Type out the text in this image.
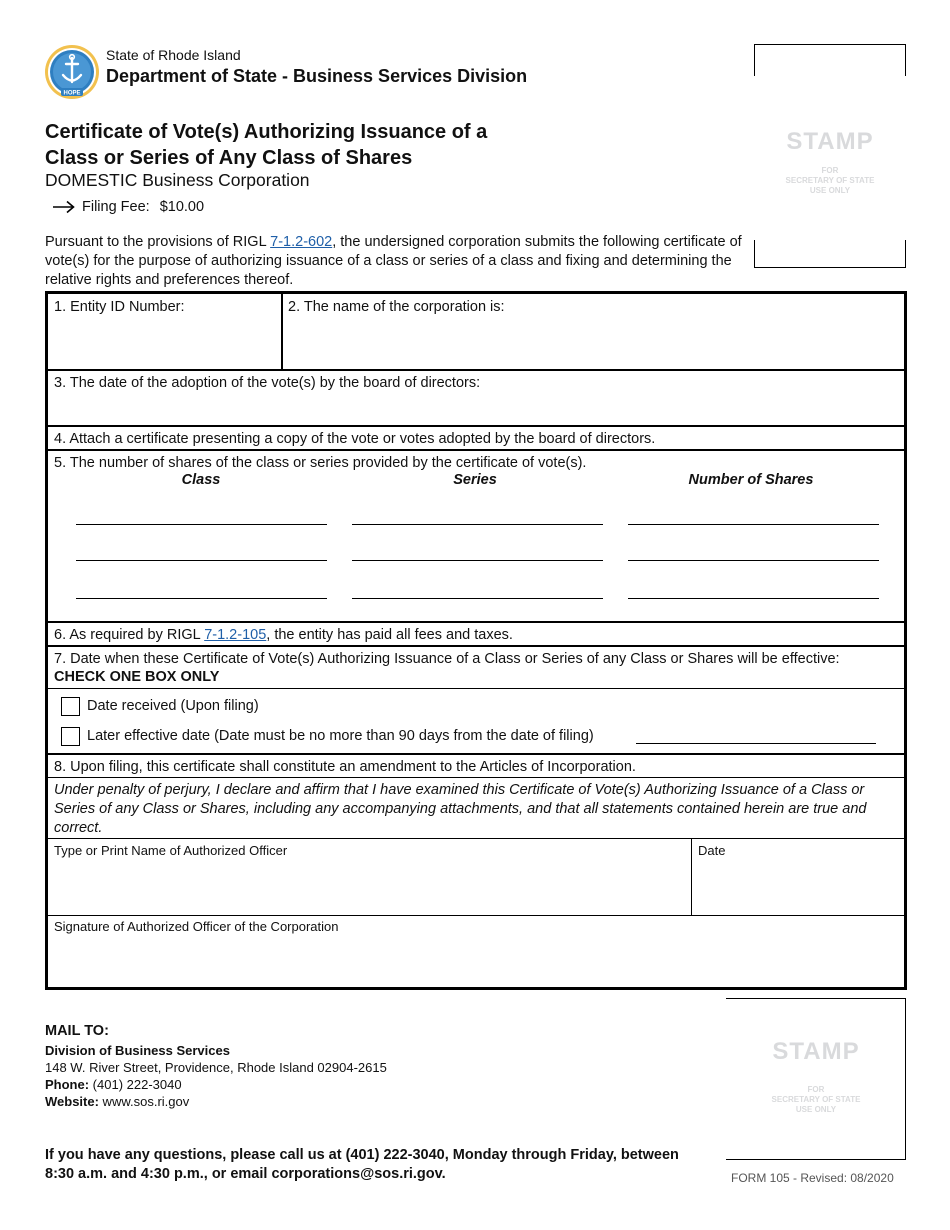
HOPE
State of Rhode Island
Department of State - Business Services Division
Certificate of Vote(s) Authorizing Issuance of a
Class or Series of Any Class of Shares
DOMESTIC Business Corporation
Filing Fee: $10.00
Pursuant to the provisions of RIGL 7-1.2-602, the undersigned corporation submits the following certificate of vote(s) for the purpose of authorizing issuance of a class or series of a class and fixing and determining the relative rights and preferences thereof.
STAMP
FOR
SECRETARY OF STATE
USE ONLY
1. Entity ID Number:	2. The name of the corporation is:
3. The date of the adoption of the vote(s) by the board of directors:
4. Attach a certificate presenting a copy of the vote or votes adopted by the board of directors.
5. The number of shares of the class or series provided by the certificate of vote(s).
Class	Series	Number of Shares
6. As required by RIGL 7-1.2-105, the entity has paid all fees and taxes.
7. Date when these Certificate of Vote(s) Authorizing Issuance of a Class or Series of any Class or Shares will be effective:
CHECK ONE BOX ONLY
Date received (Upon filing)
Later effective date (Date must be no more than 90 days from the date of filing)
8. Upon filing, this certificate shall constitute an amendment to the Articles of Incorporation.
Under penalty of perjury, I declare and affirm that I have examined this Certificate of Vote(s) Authorizing Issuance of a Class or Series of any Class or Shares, including any accompanying attachments, and that all statements contained herein are true and correct.
Type or Print Name of Authorized Officer	Date
Signature of Authorized Officer of the Corporation
MAIL TO:
Division of Business Services
148 W. River Street, Providence, Rhode Island 02904-2615
Phone: (401) 222-3040
Website: www.sos.ri.gov
STAMP
FOR
SECRETARY OF STATE
USE ONLY
If you have any questions, please call us at (401) 222-3040, Monday through Friday, between 8:30 a.m. and 4:30 p.m., or email corporations@sos.ri.gov.	FORM 105 - Revised: 08/2020
